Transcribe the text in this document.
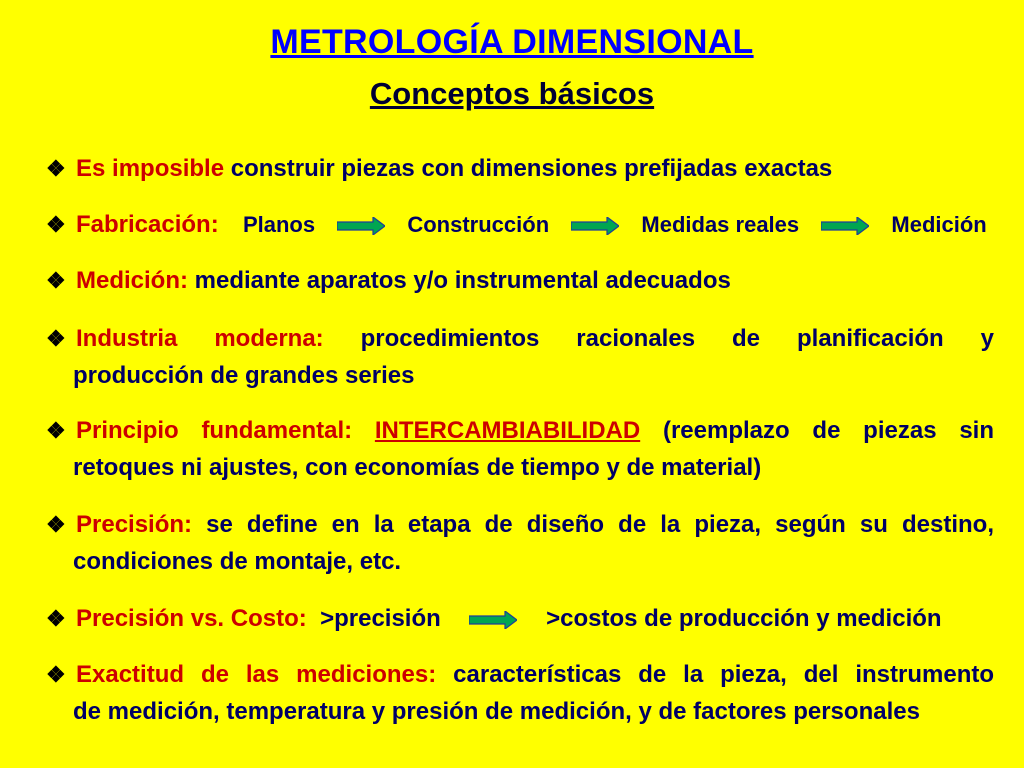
METROLOGÍA DIMENSIONAL
Conceptos básicos
❖ Es imposible construir piezas con dimensiones prefijadas exactas
❖ Fabricación: Planos	Construcción	Medidas reales	Medición
❖ Medición: mediante aparatos y/o instrumental adecuados
❖ Industria moderna: procedimientos racionales de planificación y
producción de grandes series
❖ Principio fundamental: INTERCAMBIABILIDAD (reemplazo de piezas sin
retoques ni ajustes, con economías de tiempo y de material)
❖ Precisión: se define en la etapa de diseño de la pieza, según su destino,
condiciones de montaje, etc.
❖ Precisión vs. Costo: >precisión	>costos de producción y medición
❖ Exactitud de las mediciones: características de la pieza, del instrumento
de medición, temperatura y presión de medición, y de factores personales
